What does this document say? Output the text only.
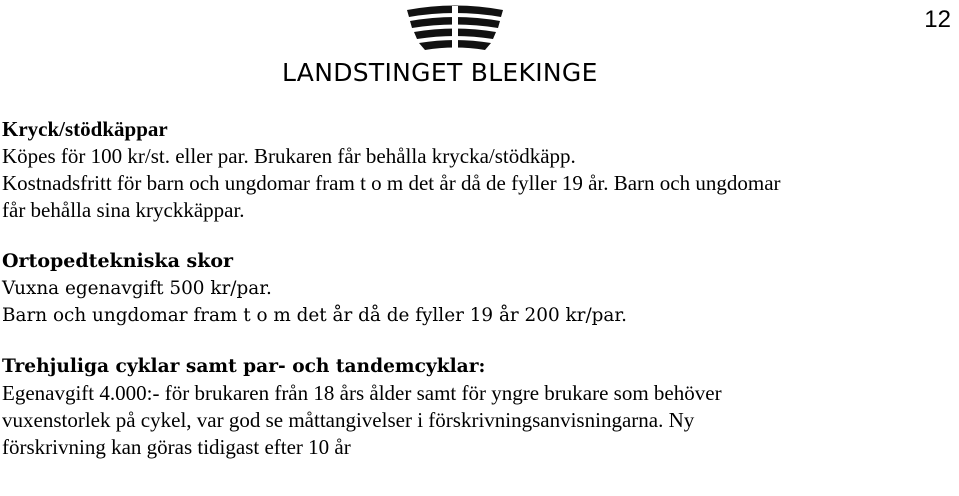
12
LANDSTINGET BLEKINGE
Kryck/stödkäppar
Köpes för 100 kr/st. eller par. Brukaren får behålla krycka/stödkäpp.
Kostnadsfritt för barn och ungdomar fram t o m det år då de fyller 19 år. Barn och ungdomar
får behålla sina kryckkäppar.
Ortopedtekniska skor
Vuxna egenavgift 500 kr/par.
Barn och ungdomar fram t o m det år då de fyller 19 år 200 kr/par.
Trehjuliga cyklar samt par- och tandemcyklar:
Egenavgift 4.000:- för brukaren från 18 års ålder samt för yngre brukare som behöver
vuxenstorlek på cykel, var god se måttangivelser i förskrivningsanvisningarna. Ny
förskrivning kan göras tidigast efter 10 år
